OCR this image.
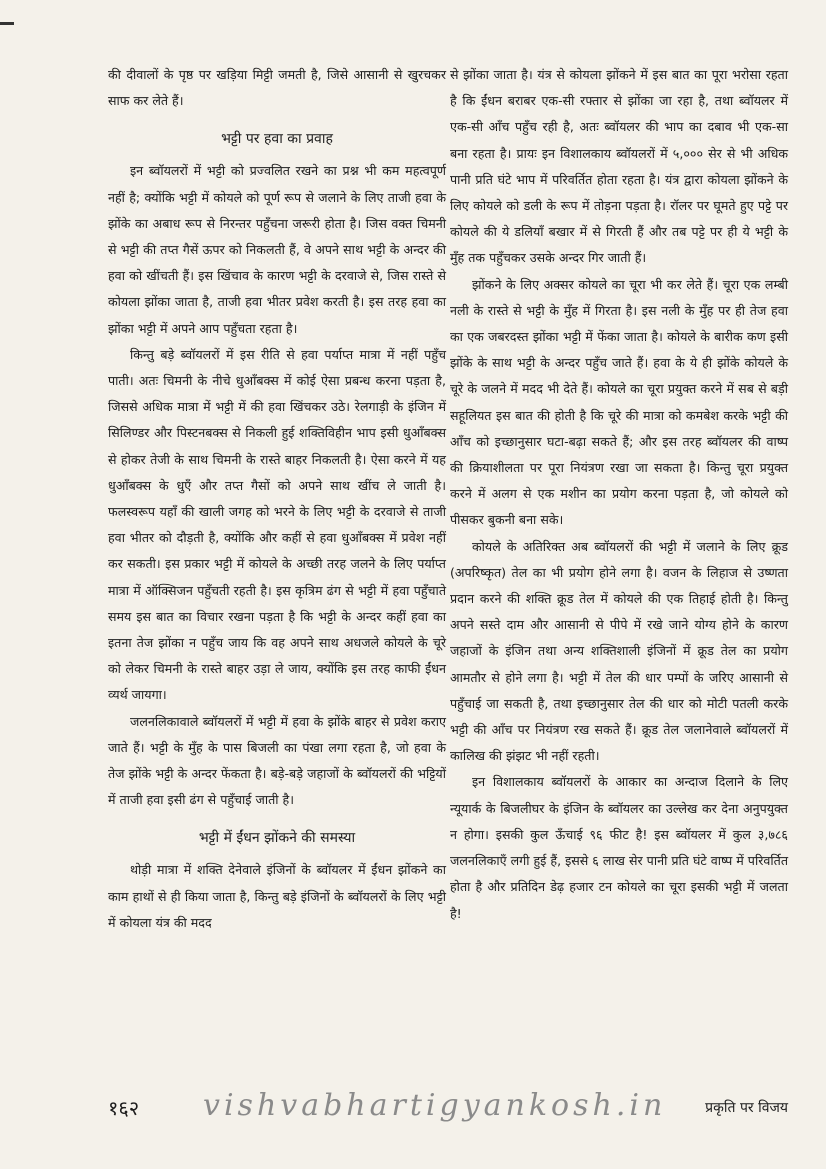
की दीवालों के पृष्ठ पर खड़िया मिट्टी जमती है, जिसे आसानी से खुरचकर साफ कर लेते हैं।

भट्टी पर हवा का प्रवाह

इन ब्वॉयलरों में भट्टी को प्रज्वलित रखने का प्रश्न भी कम महत्वपूर्ण नहीं है; क्योंकि भट्टी में कोयले को पूर्ण रूप से जलाने के लिए ताजी हवा के झोंके का अबाध रूप से निरन्तर पहुँचना जरूरी होता है। जिस वक्त चिमनी से भट्टी की तप्त गैसें ऊपर को निकलती हैं, वे अपने साथ भट्टी के अन्दर की हवा को खींचती हैं। इस खिंचाव के कारण भट्टी के दरवाजे से, जिस रास्ते से कोयला झोंका जाता है, ताजी हवा भीतर प्रवेश करती है। इस तरह हवा का झोंका भट्टी में अपने आप पहुँचता रहता है।

किन्तु बड़े ब्वॉयलरों में इस रीति से हवा पर्याप्त मात्रा में नहीं पहुँच पाती। अतः चिमनी के नीचे धुआँबक्स में कोई ऐसा प्रबन्ध करना पड़ता है, जिससे अधिक मात्रा में भट्टी में की हवा खिंचकर उठे। रेलगाड़ी के इंजिन में सिलिण्डर और पिस्टनबक्स से निकली हुई शक्तिविहीन भाप इसी धुआँबक्स से होकर तेजी के साथ चिमनी के रास्ते बाहर निकलती है। ऐसा करने में यह धुआँबक्स के धुएँ और तप्त गैसों को अपने साथ खींच ले जाती है। फलस्वरूप यहाँ की खाली जगह को भरने के लिए भट्टी के दरवाजे से ताजी हवा भीतर को दौड़ती है, क्योंकि और कहीं से हवा धुआँबक्स में प्रवेश नहीं कर सकती। इस प्रकार भट्टी में कोयले के अच्छी तरह जलने के लिए पर्याप्त मात्रा में ऑक्सिजन पहुँचती रहती है। इस कृत्रिम ढंग से भट्टी में हवा पहुँचाते समय इस बात का विचार रखना पड़ता है कि भट्टी के अन्दर कहीं हवा का इतना तेज झोंका न पहुँच जाय कि वह अपने साथ अधजले कोयले के चूरे को लेकर चिमनी के रास्ते बाहर उड़ा ले जाय, क्योंकि इस तरह काफी ईंधन व्यर्थ जायगा।

जलनलिकावाले ब्वॉयलरों में भट्टी में हवा के झोंके बाहर से प्रवेश कराए जाते हैं। भट्टी के मुँह के पास बिजली का पंखा लगा रहता है, जो हवा के तेज झोंके भट्टी के अन्दर फेंकता है। बड़े-बड़े जहाजों के ब्वॉयलरों की भट्टियों में ताजी हवा इसी ढंग से पहुँचाई जाती है।

भट्टी में ईंधन झोंकने की समस्या

थोड़ी मात्रा में शक्ति देनेवाले इंजिनों के ब्वॉयलर में ईंधन झोंकने का काम हाथों से ही किया जाता है, किन्तु बड़े इंजिनों के ब्वॉयलरों के लिए भट्टी में कोयला यंत्र की मदद

से झोंका जाता है। यंत्र से कोयला झोंकने में इस बात का पूरा भरोसा रहता है कि ईंधन बराबर एक-सी रफ्तार से झोंका जा रहा है, तथा ब्वॉयलर में एक-सी आँच पहुँच रही है, अतः ब्वॉयलर की भाप का दबाव भी एक-सा बना रहता है। प्रायः इन विशालकाय ब्वॉयलरों में ५,००० सेर से भी अधिक पानी प्रति घंटे भाप में परिवर्तित होता रहता है। यंत्र द्वारा कोयला झोंकने के लिए कोयले को डली के रूप में तोड़ना पड़ता है। रॉलर पर घूमते हुए पट्टे पर कोयले की ये डलियाँ बखार में से गिरती हैं और तब पट्टे पर ही ये भट्टी के मुँह तक पहुँचकर उसके अन्दर गिर जाती हैं।

झोंकने के लिए अक्सर कोयले का चूरा भी कर लेते हैं। चूरा एक लम्बी नली के रास्ते से भट्टी के मुँह में गिरता है। इस नली के मुँह पर ही तेज हवा का एक जबरदस्त झोंका भट्टी में फेंका जाता है। कोयले के बारीक कण इसी झोंके के साथ भट्टी के अन्दर पहुँच जाते हैं। हवा के ये ही झोंके कोयले के चूरे के जलने में मदद भी देते हैं। कोयले का चूरा प्रयुक्त करने में सब से बड़ी सहूलियत इस बात की होती है कि चूरे की मात्रा को कमबेश करके भट्टी की आँच को इच्छानुसार घटा-बढ़ा सकते हैं; और इस तरह ब्वॉयलर की वाष्प की क्रियाशीलता पर पूरा नियंत्रण रखा जा सकता है। किन्तु चूरा प्रयुक्त करने में अलग से एक मशीन का प्रयोग करना पड़ता है, जो कोयले को पीसकर बुकनी बना सके।

कोयले के अतिरिक्त अब ब्वॉयलरों की भट्टी में जलाने के लिए क्रूड (अपरिष्कृत) तेल का भी प्रयोग होने लगा है। वजन के लिहाज से उष्णता प्रदान करने की शक्ति क्रूड तेल में कोयले की एक तिहाई होती है। किन्तु अपने सस्ते दाम और आसानी से पीपे में रखे जाने योग्य होने के कारण जहाजों के इंजिन तथा अन्य शक्तिशाली इंजिनों में क्रूड तेल का प्रयोग आमतौर से होने लगा है। भट्टी में तेल की धार पम्पों के जरिए आसानी से पहुँचाई जा सकती है, तथा इच्छानुसार तेल की धार को मोटी पतली करके भट्टी की आँच पर नियंत्रण रख सकते हैं। क्रूड तेल जलानेवाले ब्वॉयलरों में कालिख की झंझट भी नहीं रहती।

इन विशालकाय ब्वॉयलरों के आकार का अन्दाज दिलाने के लिए न्यूयार्क के बिजलीघर के इंजिन के ब्वॉयलर का उल्लेख कर देना अनुपयुक्त न होगा। इसकी कुल ऊँचाई ९६ फीट है! इस ब्वॉयलर में कुल ३,७८६ जलनलिकाएँ लगी हुई हैं, इससे ६ लाख सेर पानी प्रति घंटे वाष्प में परिवर्तित होता है और प्रतिदिन डेढ़ हजार टन कोयले का चूरा इसकी भट्टी में जलता है!

१६२ vishvabhartigyankosh.in	प्रकृति पर विजय
